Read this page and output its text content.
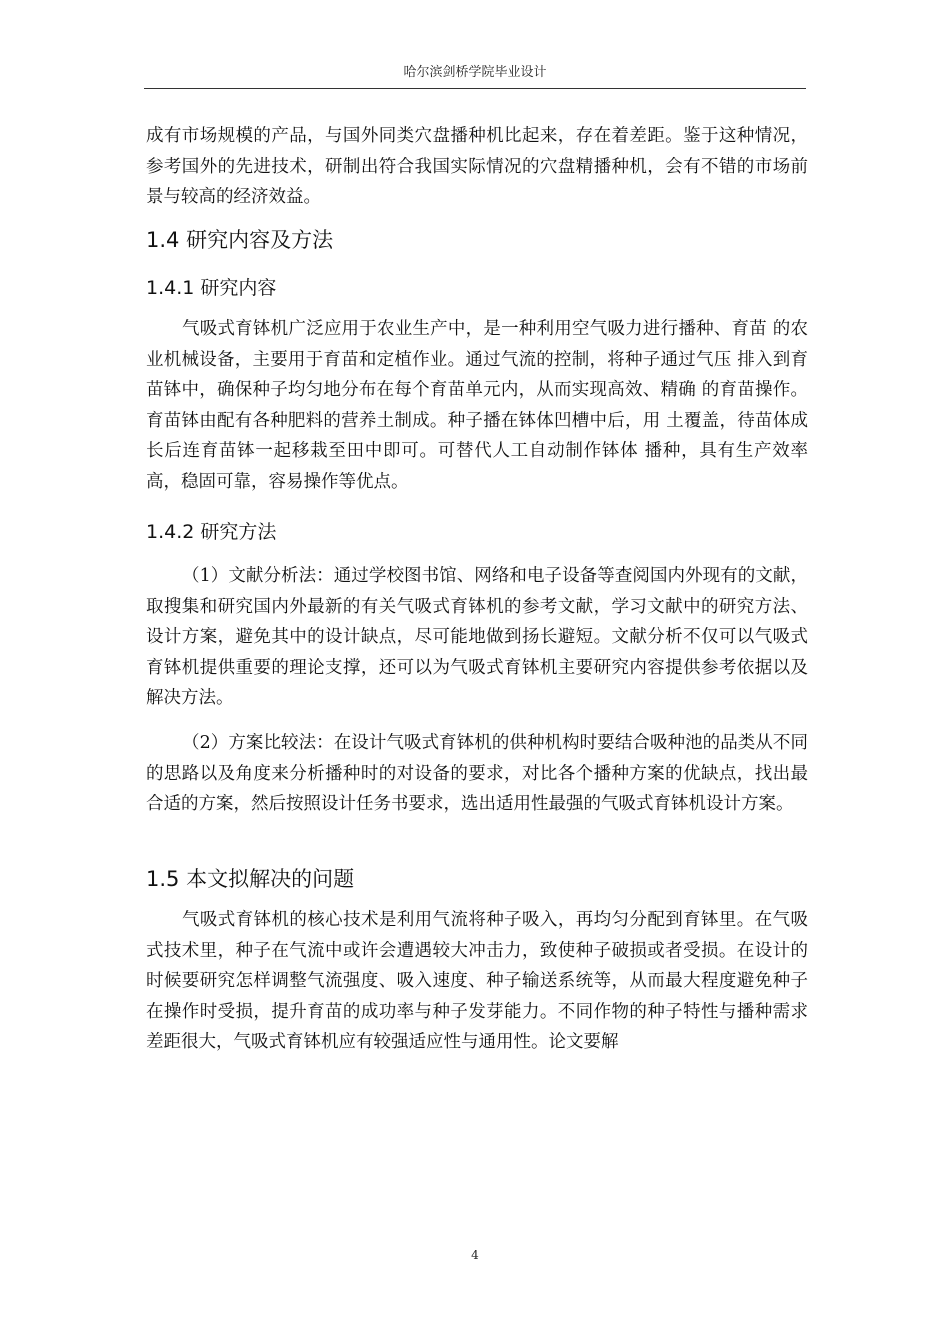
哈尔滨剑桥学院毕业设计

成有市场规模的产品，与国外同类穴盘播种机比起来，存在着差距。鉴于这种情况，参考国外的先进技术，研制出符合我国实际情况的穴盘精播种机，会有不错的市场前景与较高的经济效益。

1.4 研究内容及方法
1.4.1 研究内容

气吸式育钵机广泛应用于农业生产中，是一种利用空气吸力进行播种、育苗 的农业机械设备，主要用于育苗和定植作业。通过气流的控制，将种子通过气压 排入到育苗钵中，确保种子均匀地分布在每个育苗单元内，从而实现高效、精确 的育苗操作。育苗钵由配有各种肥料的营养土制成。种子播在钵体凹槽中后，用 土覆盖，待苗体成长后连育苗钵一起移栽至田中即可。可替代人工自动制作钵体 播种，具有生产效率高，稳固可靠，容易操作等优点。

1.4.2 研究方法

（1）文献分析法：通过学校图书馆、网络和电子设备等查阅国内外现有的文献，取搜集和研究国内外最新的有关气吸式育钵机的参考文献，学习文献中的研究方法、设计方案，避免其中的设计缺点，尽可能地做到扬长避短。文献分析不仅可以气吸式育钵机提供重要的理论支撑，还可以为气吸式育钵机主要研究内容提供参考依据以及解决方法。

（2）方案比较法：在设计气吸式育钵机的供种机构时要结合吸种池的品类从不同的思路以及角度来分析播种时的对设备的要求，对比各个播种方案的优缺点，找出最合适的方案，然后按照设计任务书要求，选出适用性最强的气吸式育钵机设计方案。

1.5 本文拟解决的问题

气吸式育钵机的核心技术是利用气流将种子吸入，再均匀分配到育钵里。在气吸式技术里，种子在气流中或许会遭遇较大冲击力，致使种子破损或者受损。在设计的时候要研究怎样调整气流强度、吸入速度、种子输送系统等，从而最大程度避免种子在操作时受损，提升育苗的成功率与种子发芽能力。不同作物的种子特性与播种需求差距很大，气吸式育钵机应有较强适应性与通用性。论文要解

4
